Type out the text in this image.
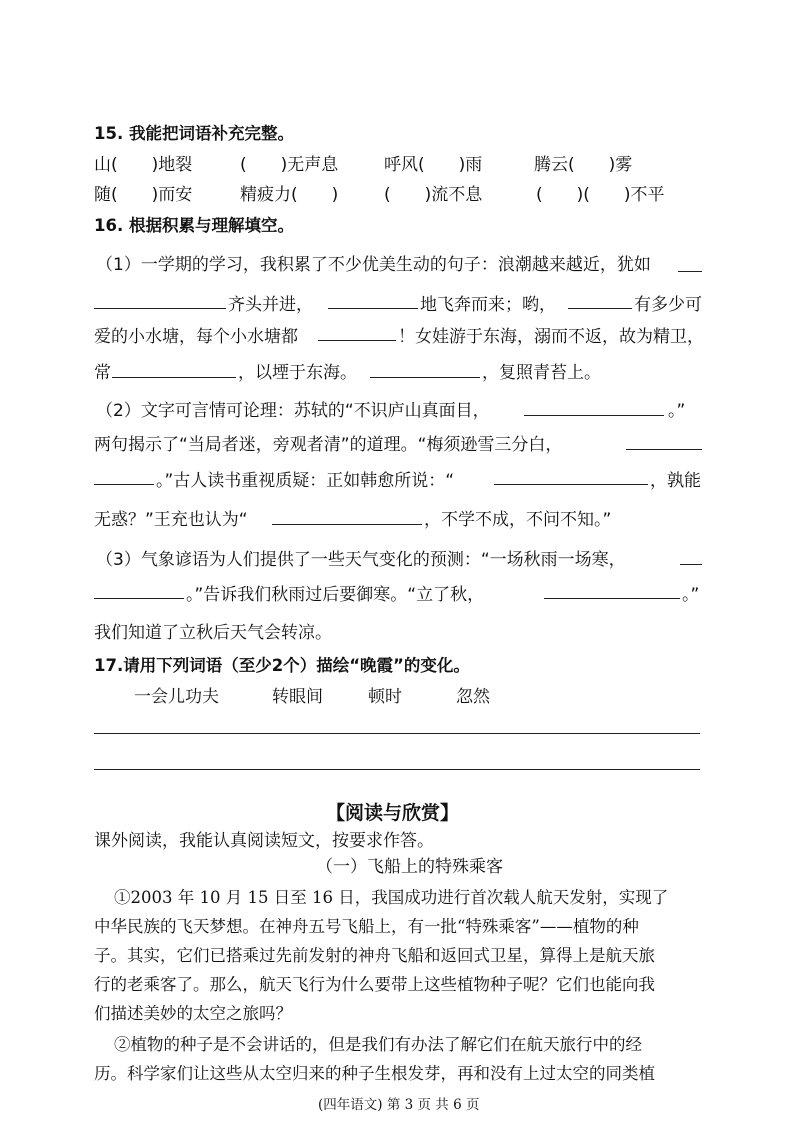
15. 我能把词语补充完整。
山(　　)地裂	(　　)无声息	呼风(　　)雨	腾云(　　)雾
随(　　)而安	精疲力(　　)	(　　)流不息	(　　)(　　)不平
16. 根据积累与理解填空。
（1）一学期的学习，我积累了不少优美生动的句子：浪潮越来越近，犹如
齐头并进，	地飞奔而来；哟，	有多少可
爱的小水塘，每个小水塘都	！女娃游于东海，溺而不返，故为精卫，
常	，以堙于东海。	，复照青苔上。
（2）文字可言情可论理：苏轼的“不识庐山真面目，	。”
两句揭示了“当局者迷，旁观者清”的道理。“梅须逊雪三分白，
。”古人读书重视质疑：正如韩愈所说：“	，孰能
无惑？”王充也认为“	，不学不成，不问不知。”
（3）气象谚语为人们提供了一些天气变化的预测：“一场秋雨一场寒，
。”告诉我们秋雨过后要御寒。“立了秋，	。”
我们知道了立秋后天气会转凉。
17.请用下列词语（至少2个）描绘“晚霞”的变化。
一会儿功夫	转眼间	顿时	忽然
【阅读与欣赏】
课外阅读，我能认真阅读短文，按要求作答。
（一）飞船上的特殊乘客
①2003 年 10 月 15 日至 16 日，我国成功进行首次载人航天发射，实现了
中华民族的飞天梦想。在神舟五号飞船上，有一批“特殊乘客”——植物的种
子。其实，它们已搭乘过先前发射的神舟飞船和返回式卫星，算得上是航天旅
行的老乘客了。那么，航天飞行为什么要带上这些植物种子呢？它们也能向我
们描述美妙的太空之旅吗？
②植物的种子是不会讲话的，但是我们有办法了解它们在航天旅行中的经
历。科学家们让这些从太空归来的种子生根发芽，再和没有上过太空的同类植
(四年语文) 第 3 页 共 6 页
